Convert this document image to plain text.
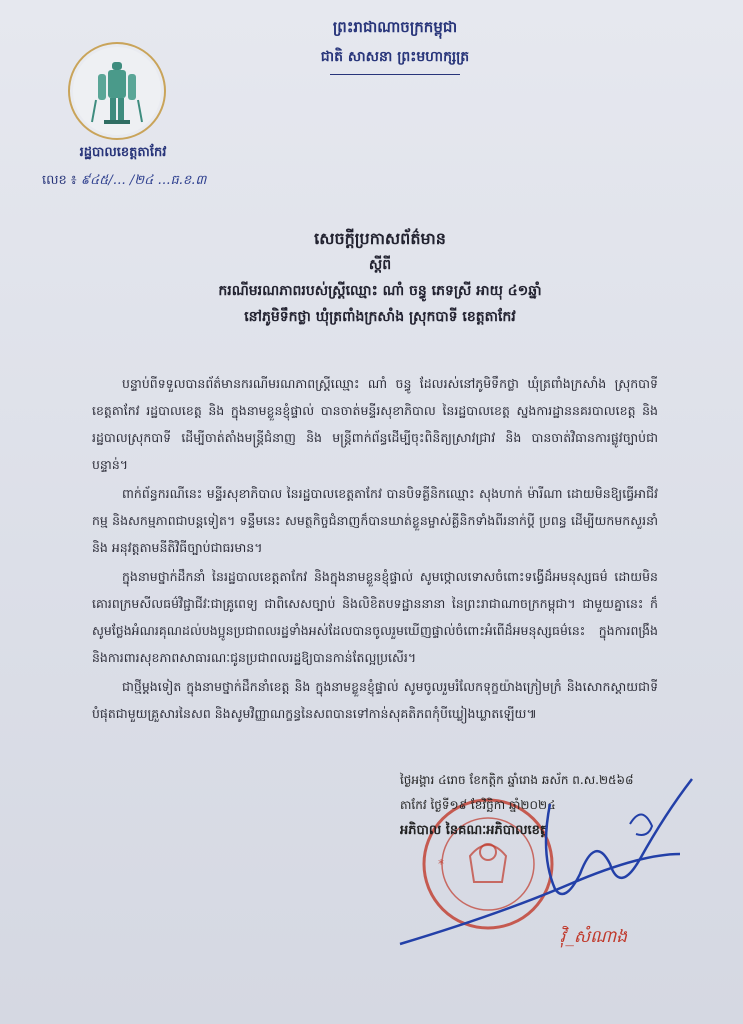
ព្រះរាជាណាចក្រកម្ពុជា
ជាតិ សាសនា ព្រះមហាក្សត្រ
រដ្ឋបាលខេត្តតាកែវ
លេខ ៖ ៩៤៥/… /២៤ …ធ.ខ.៣
សេចក្តីប្រកាសព័ត៌មាន
ស្តីពី
ករណីមរណភាពរបស់ស្ត្រីឈ្មោះ ណាំ ចន្ធូ ភេទស្រី អាយុ ៤១ឆ្នាំ
នៅភូមិទឹកថ្លា ឃុំត្រពាំងក្រសាំង ស្រុកបាទី ខេត្តតាកែវ

បន្ទាប់ពីទទួលបានព័ត៌មានករណីមរណភាពស្ត្រីឈ្មោះ ណាំ ចន្ធូ ដែលរស់នៅភូមិទឹកថ្លា ឃុំត្រពាំងក្រសាំង ស្រុកបាទី ខេត្តតាកែវ រដ្ឋបាលខេត្ត និង ក្នុងនាមខ្លួនខ្ញុំផ្ទាល់ បានចាត់មន្ទីរសុខាភិបាល នៃរដ្ឋបាលខេត្ត ស្នងការដ្ឋាននគរបាលខេត្ត និង រដ្ឋបាលស្រុកបាទី ដើម្បីចាត់តាំងមន្ត្រីជំនាញ និង មន្ត្រីពាក់ព័ន្ធដើម្បីចុះពិនិត្យស្រាវជ្រាវ និង បានចាត់វិធានការផ្លូវច្បាប់ជាបន្ទាន់។

ពាក់ព័ន្ធករណីនេះ មន្ទីរសុខាភិបាល នៃរដ្ឋបាលខេត្តតាកែវ បានបិទគ្លីនិកឈ្មោះ សុងហាក់ ម៉ារីណា ដោយមិនឱ្យធ្វើអាជីវកម្ម និងសកម្មភាពជាបន្តទៀត។ ទន្ទឹមនេះ សមត្ថកិច្ចជំនាញក៏បានឃាត់ខ្លួនម្ចាស់គ្លីនិកទាំងពីរនាក់ប្ដី ប្រពន្ធ ដើម្បីយកមកសួរនាំ និង អនុវត្តតាមនីតិវិធីច្បាប់ជាធរមាន។

ក្នុងនាមថ្នាក់ដឹកនាំ នៃរដ្ឋបាលខេត្តតាកែវ និងក្នុងនាមខ្លួនខ្ញុំផ្ទាល់ សូមថ្កោលទោសចំពោះទង្វើដ៏អមនុស្សធម៌ ដោយមិនគោរពក្រមសីលធម៌វិជ្ជាជីវៈជាគ្រូពេទ្យ ជាពិសេសច្បាប់ និងលិខិតបទដ្ឋាននានា នៃព្រះរាជាណាចក្រកម្ពុជា។ ជាមួយគ្នានេះ ក៏សូមថ្លែងអំណរគុណដល់បងប្អូនប្រជាពលរដ្ឋទាំងអស់ដែលបានចូលរួមឃើញផ្ទាល់ចំពោះអំពើដ៏អមនុស្សធម៌នេះ ក្នុងការពង្រឹងនិងការពារសុខភាពសាធារណៈជូនប្រជាពលរដ្ឋឱ្យបានកាន់តែល្អប្រសើរ។

ជាថ្មីម្ដងទៀត ក្នុងនាមថ្នាក់ដឹកនាំខេត្ត និង ក្នុងនាមខ្លួនខ្ញុំផ្ទាល់ សូមចូលរួមរំលែកទុក្ខយ៉ាងក្រៀមក្រំ និងសោកស្ដាយជាទីបំផុតជាមួយគ្រួសារនៃសព និងសូមវិញ្ញាណក្ខន្ធនៃសពបានទៅកាន់សុគតិភពកុំបីឃ្លៀងឃ្លាតឡើយ៕

*
ថ្ងៃអង្គារ ៤រោច ខែកត្តិក ឆ្នាំរោង ឆស័ក ព.ស.២៥៦៨
តាកែវ ថ្ងៃទី១៩ ខែវិច្ឆិកា ឆ្នាំ២០២៤
អភិបាល នៃគណៈអភិបាលខេត្ត
វ៉ិ_សំណាង
